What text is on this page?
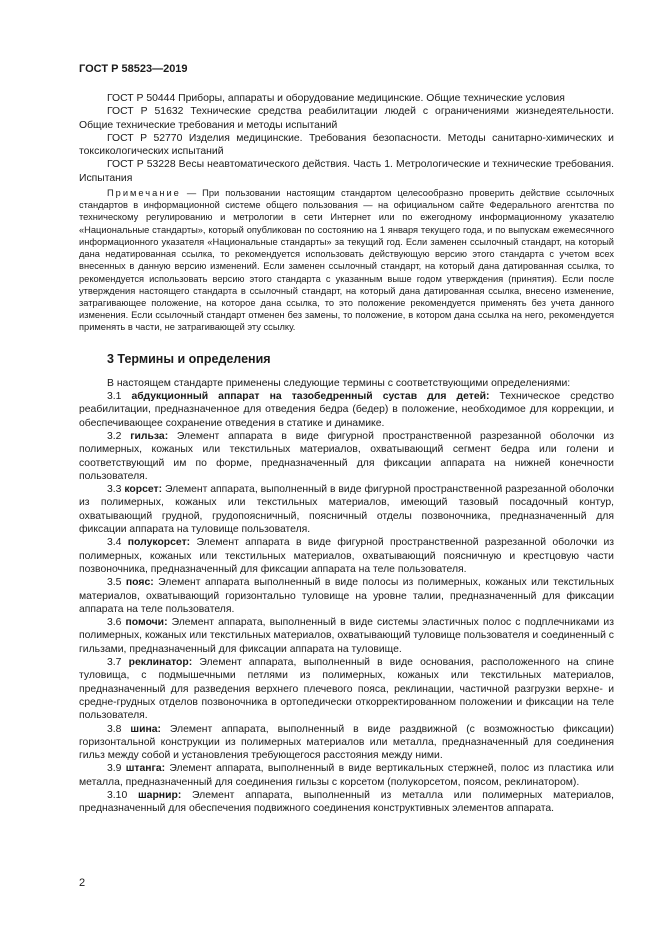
ГОСТ Р 58523—2019

ГОСТ Р 50444 Приборы, аппараты и оборудование медицинские. Общие технические условия

ГОСТ Р 51632 Технические средства реабилитации людей с ограничениями жизнедеятельности. Общие технические требования и методы испытаний

ГОСТ Р 52770 Изделия медицинские. Требования безопасности. Методы санитарно-химических и токсикологических испытаний

ГОСТ Р 53228 Весы неавтоматического действия. Часть 1. Метрологические и технические требования. Испытания

Примечание — При пользовании настоящим стандартом целесообразно проверить действие ссылочных стандартов в информационной системе общего пользования — на официальном сайте Федерального агентства по техническому регулированию и метрологии в сети Интернет или по ежегодному информационному указателю «Национальные стандарты», который опубликован по состоянию на 1 января текущего года, и по выпускам ежемесячного информационного указателя «Национальные стандарты» за текущий год. Если заменен ссылочный стандарт, на который дана недатированная ссылка, то рекомендуется использовать действующую версию этого стандарта с учетом всех внесенных в данную версию изменений. Если заменен ссылочный стандарт, на который дана датированная ссылка, то рекомендуется использовать версию этого стандарта с указанным выше годом утверждения (принятия). Если после утверждения настоящего стандарта в ссылочный стандарт, на который дана датированная ссылка, внесено изменение, затрагивающее положение, на которое дана ссылка, то это положение рекомендуется применять без учета данного изменения. Если ссылочный стандарт отменен без замены, то положение, в котором дана ссылка на него, рекомендуется применять в части, не затрагивающей эту ссылку.

3 Термины и определения

В настоящем стандарте применены следующие термины с соответствующими определениями:

3.1 абдукционный аппарат на тазобедренный сустав для детей: Техническое средство реабилитации, предназначенное для отведения бедра (бедер) в положение, необходимое для коррекции, и обеспечивающее сохранение отведения в статике и динамике.

3.2 гильза: Элемент аппарата в виде фигурной пространственной разрезанной оболочки из полимерных, кожаных или текстильных материалов, охватывающий сегмент бедра или голени и соответствующий им по форме, предназначенный для фиксации аппарата на нижней конечности пользователя.

3.3 корсет: Элемент аппарата, выполненный в виде фигурной пространственной разрезанной оболочки из полимерных, кожаных или текстильных материалов, имеющий тазовый посадочный контур, охватывающий грудной, грудопоясничный, поясничный отделы позвоночника, предназначенный для фиксации аппарата на туловище пользователя.

3.4 полукорсет: Элемент аппарата в виде фигурной пространственной разрезанной оболочки из полимерных, кожаных или текстильных материалов, охватывающий поясничную и крестцовую части позвоночника, предназначенный для фиксации аппарата на теле пользователя.

3.5 пояс: Элемент аппарата выполненный в виде полосы из полимерных, кожаных или текстильных материалов, охватывающий горизонтально туловище на уровне талии, предназначенный для фиксации аппарата на теле пользователя.

3.6 помочи: Элемент аппарата, выполненный в виде системы эластичных полос с подплечниками из полимерных, кожаных или текстильных материалов, охватывающий туловище пользователя и соединенный с гильзами, предназначенный для фиксации аппарата на туловище.

3.7 реклинатор: Элемент аппарата, выполненный в виде основания, расположенного на спине туловища, с подмышечными петлями из полимерных, кожаных или текстильных материалов, предназначенный для разведения верхнего плечевого пояса, реклинации, частичной разгрузки верхне- и средне-грудных отделов позвоночника в ортопедически откорректированном положении и фиксации на теле пользователя.

3.8 шина: Элемент аппарата, выполненный в виде раздвижной (с возможностью фиксации) горизонтальной конструкции из полимерных материалов или металла, предназначенный для соединения гильз между собой и установления требующегося расстояния между ними.

3.9 штанга: Элемент аппарата, выполненный в виде вертикальных стержней, полос из пластика или металла, предназначенный для соединения гильзы с корсетом (полукорсетом, поясом, реклинатором).

3.10 шарнир: Элемент аппарата, выполненный из металла или полимерных материалов, предназначенный для обеспечения подвижного соединения конструктивных элементов аппарата.

2
